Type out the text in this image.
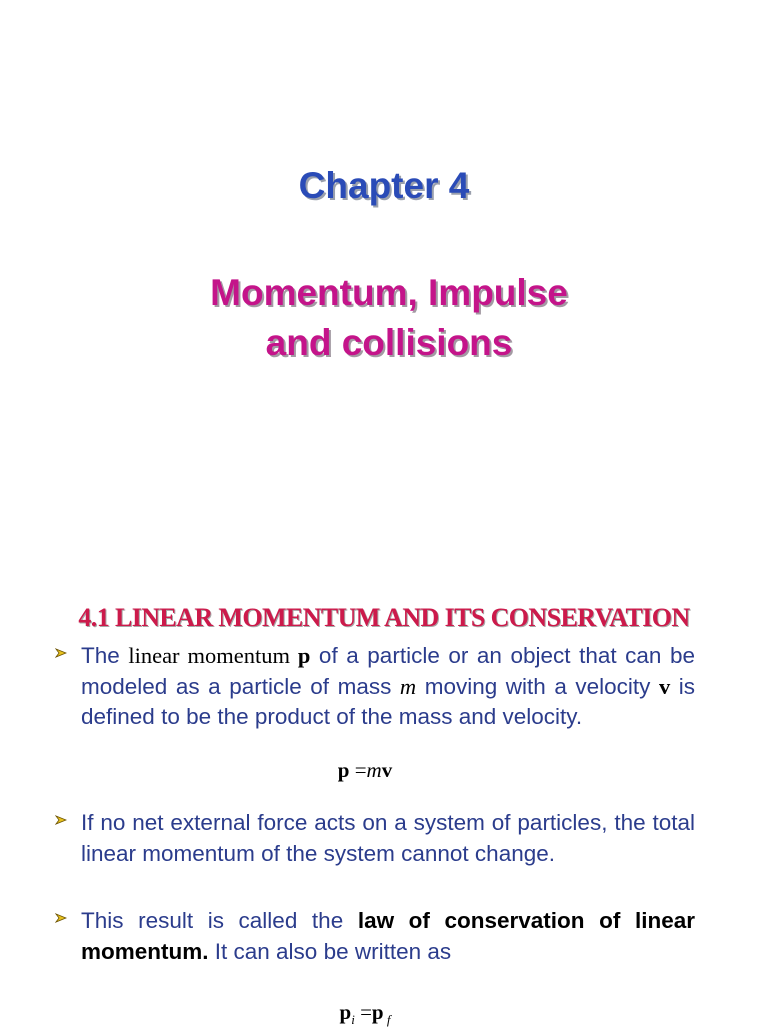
Chapter 4
Momentum, Impulse
and collisions
4.1 LINEAR MOMENTUM AND ITS CONSERVATION
The linear momentum p of a particle or an object that can be modeled as a particle of mass m moving with a velocity v is defined to be the product of the mass and velocity.
p =mv
If no net external force acts on a system of particles, the total linear momentum of the system cannot change.
This result is called the law of conservation of linear momentum. It can also be written as
$p_i =p$ $_f$
